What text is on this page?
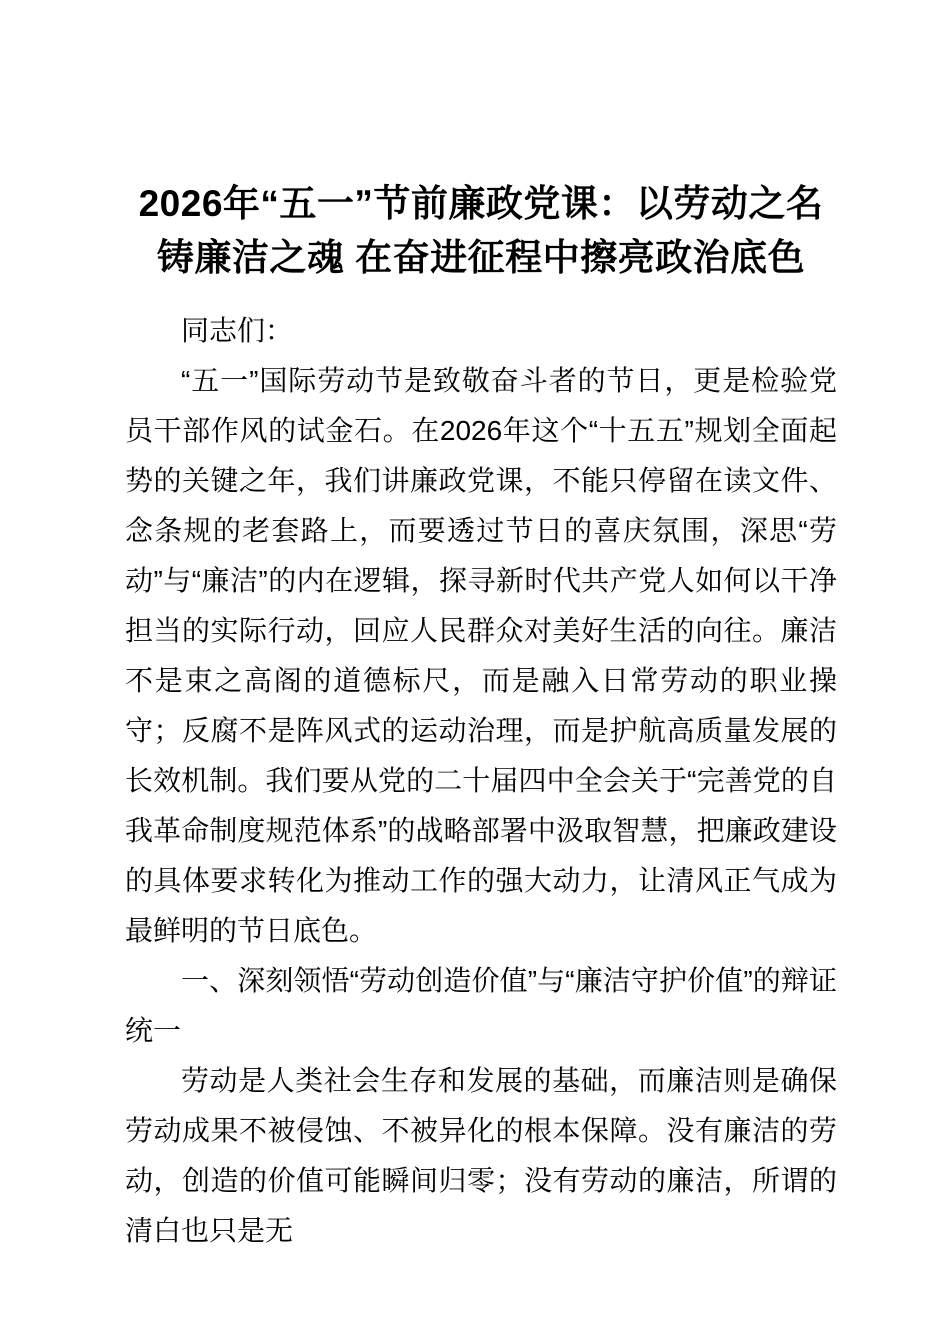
2026年“五一”节前廉政党课：以劳动之名
铸廉洁之魂 在奋进征程中擦亮政治底色

同志们：

“五一”国际劳动节是致敬奋斗者的节日，更是检验党员干部作风的试金石。在2026年这个“十五五”规划全面起势的关键之年，我们讲廉政党课，不能只停留在读文件、念条规的老套路上，而要透过节日的喜庆氛围，深思“劳动”与“廉洁”的内在逻辑，探寻新时代共产党人如何以干净担当的实际行动，回应人民群众对美好生活的向往。廉洁不是束之高阁的道德标尺，而是融入日常劳动的职业操守；反腐不是阵风式的运动治理，而是护航高质量发展的长效机制。我们要从党的二十届四中全会关于“完善党的自我革命制度规范体系”的战略部署中汲取智慧，把廉政建设的具体要求转化为推动工作的强大动力，让清风正气成为最鲜明的节日底色。

一、深刻领悟“劳动创造价值”与“廉洁守护价值”的辩证统一

劳动是人类社会生存和发展的基础，而廉洁则是确保劳动成果不被侵蚀、不被异化的根本保障。没有廉洁的劳动，创造的价值可能瞬间归零；没有劳动的廉洁，所谓的清白也只是无
